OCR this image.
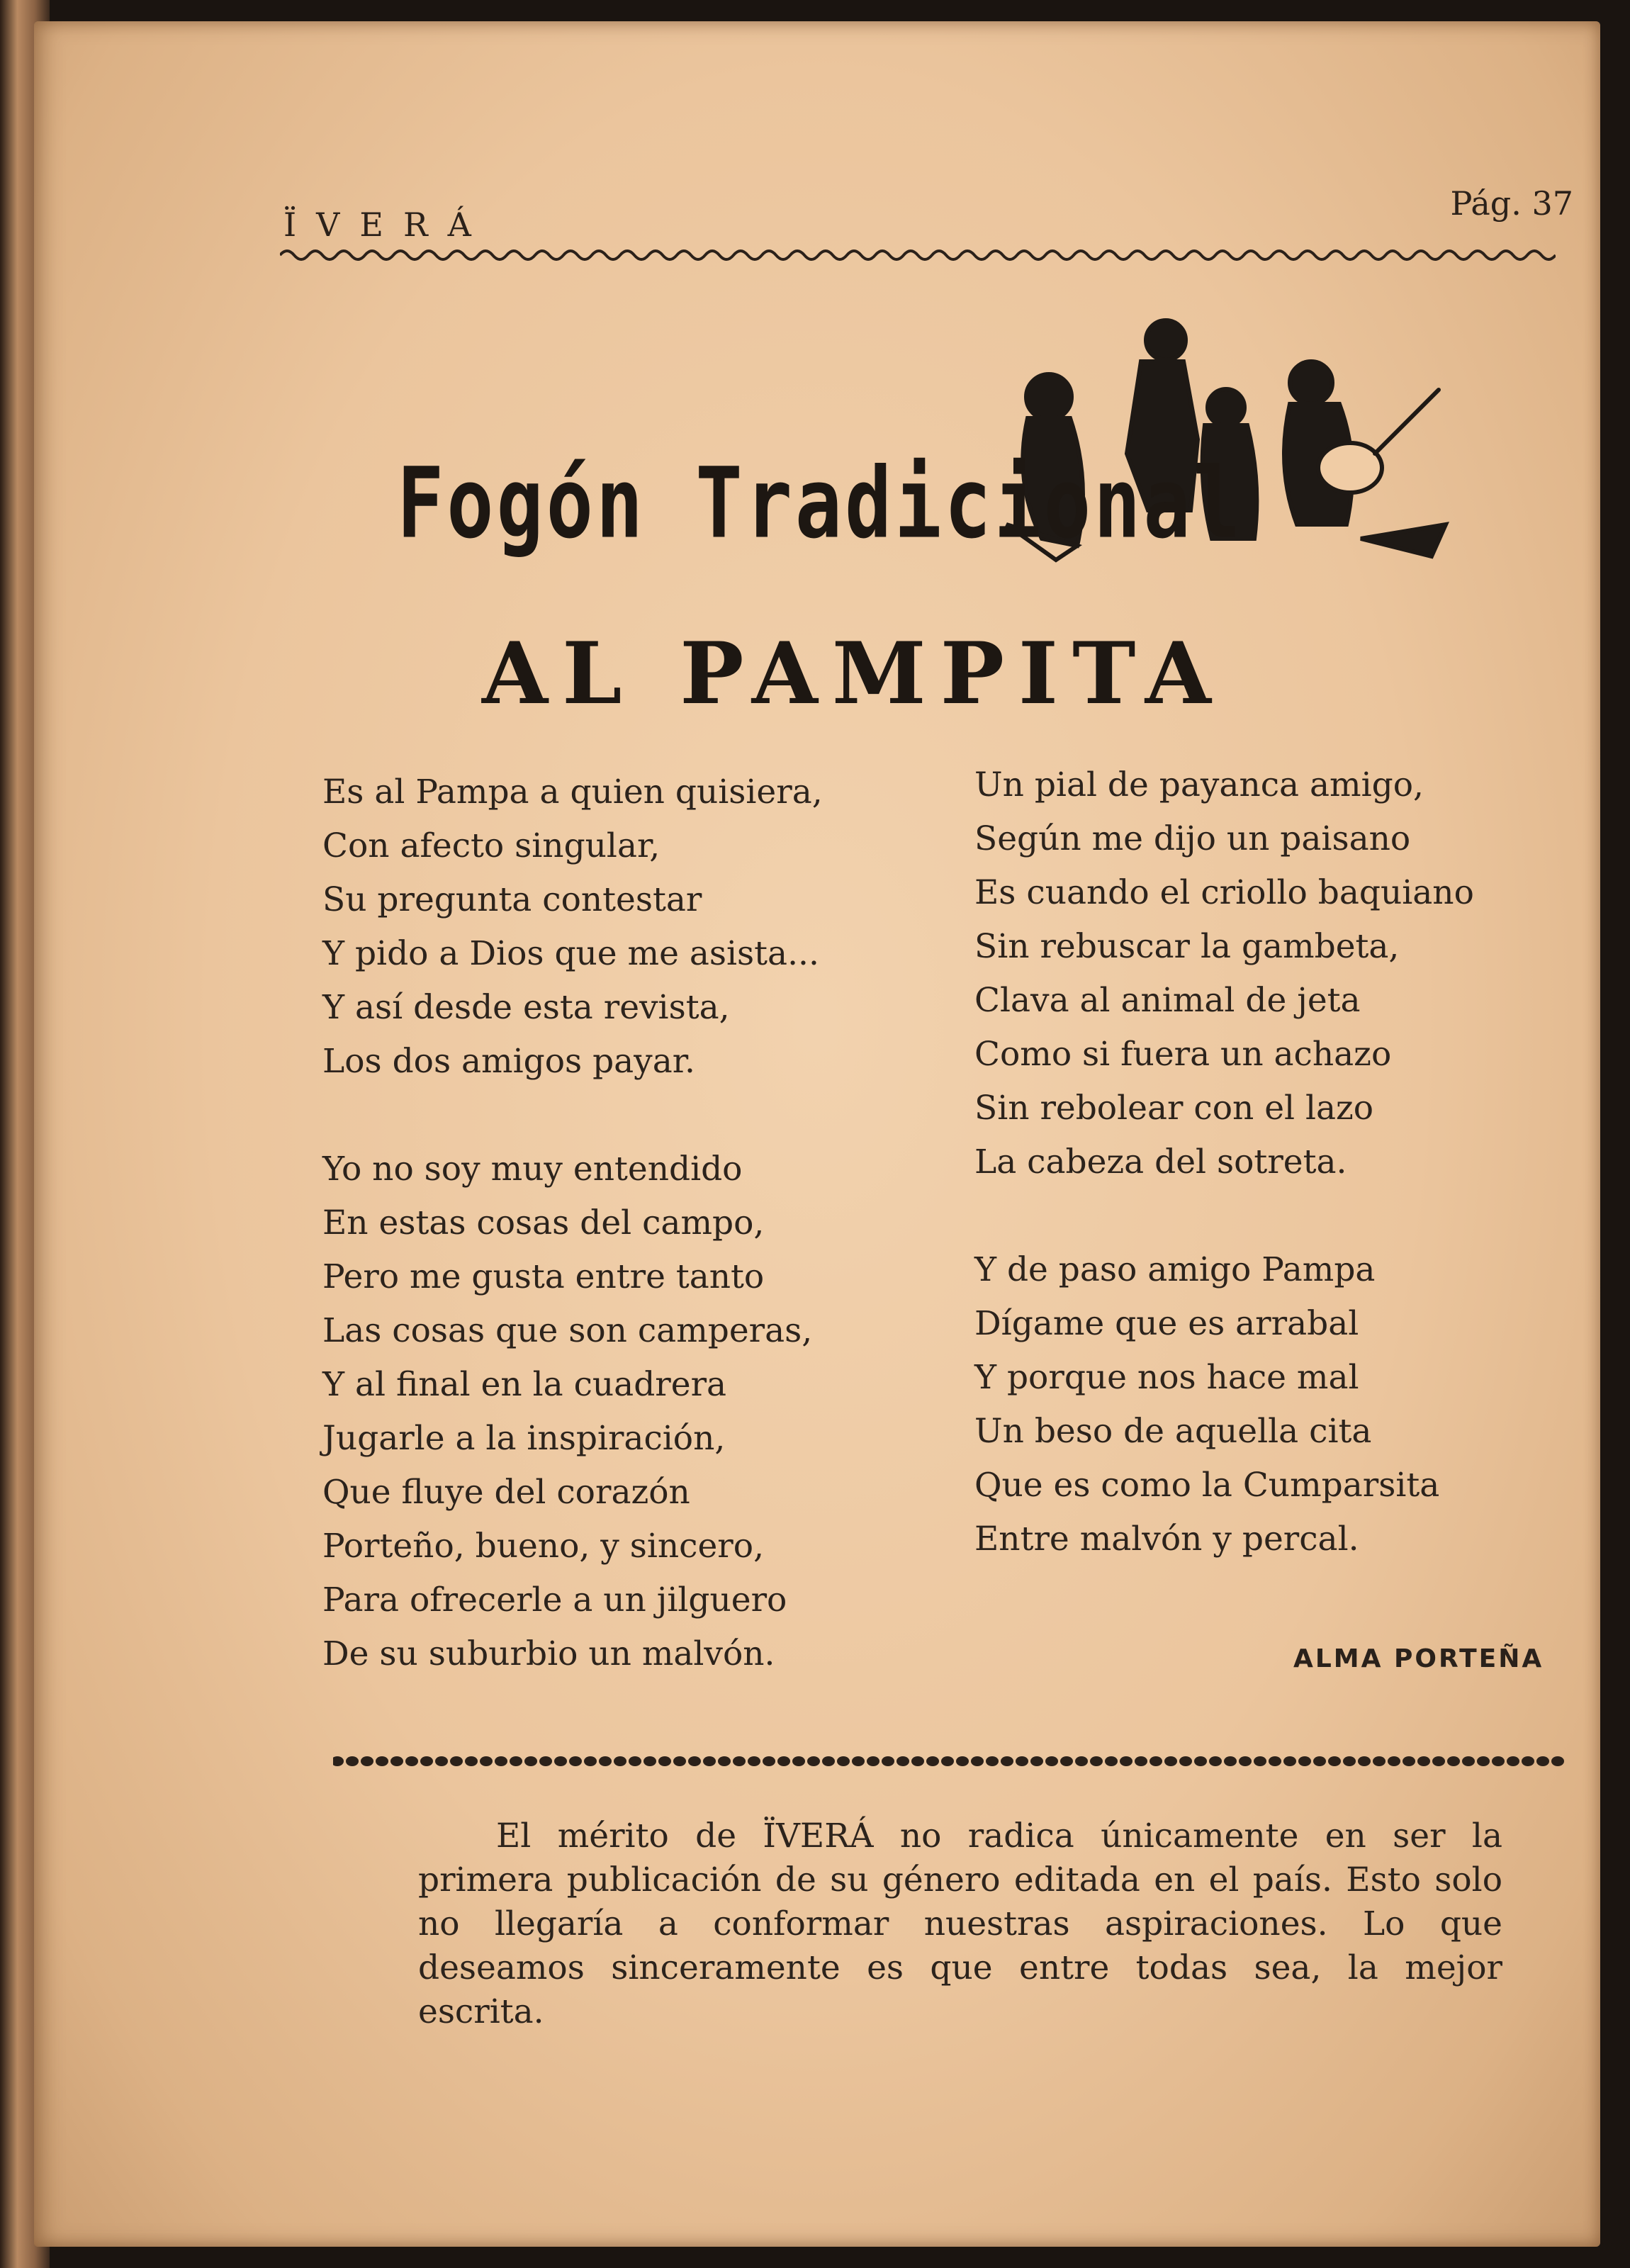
ÏVERÁ
Pág. 37
Fogón Tradicional
AL PAMPITA
Es al Pampa a quien quisiera,
Con afecto singular,
Su pregunta contestar
Y pido a Dios que me asista...
Y así desde esta revista,
Los dos amigos payar.
Yo no soy muy entendido
En estas cosas del campo,
Pero me gusta entre tanto
Las cosas que son camperas,
Y al final en la cuadrera
Jugarle a la inspiración,
Que fluye del corazón
Porteño, bueno, y sincero,
Para ofrecerle a un jilguero
De su suburbio un malvón.
Un pial de payanca amigo,
Según me dijo un paisano
Es cuando el criollo baquiano
Sin rebuscar la gambeta,
Clava al animal de jeta
Como si fuera un achazo
Sin rebolear con el lazo
La cabeza del sotreta.
Y de paso amigo Pampa
Dígame que es arrabal
Y porque nos hace mal
Un beso de aquella cita
Que es como la Cumparsita
Entre malvón y percal.
ALMA PORTEÑA
El mérito de ÏVERÁ no radica únicamente en ser la primera publicación de su género editada en el país. Esto solo no llegaría a conformar nuestras aspiraciones. Lo que deseamos sinceramente es que entre todas sea, la mejor escrita.
